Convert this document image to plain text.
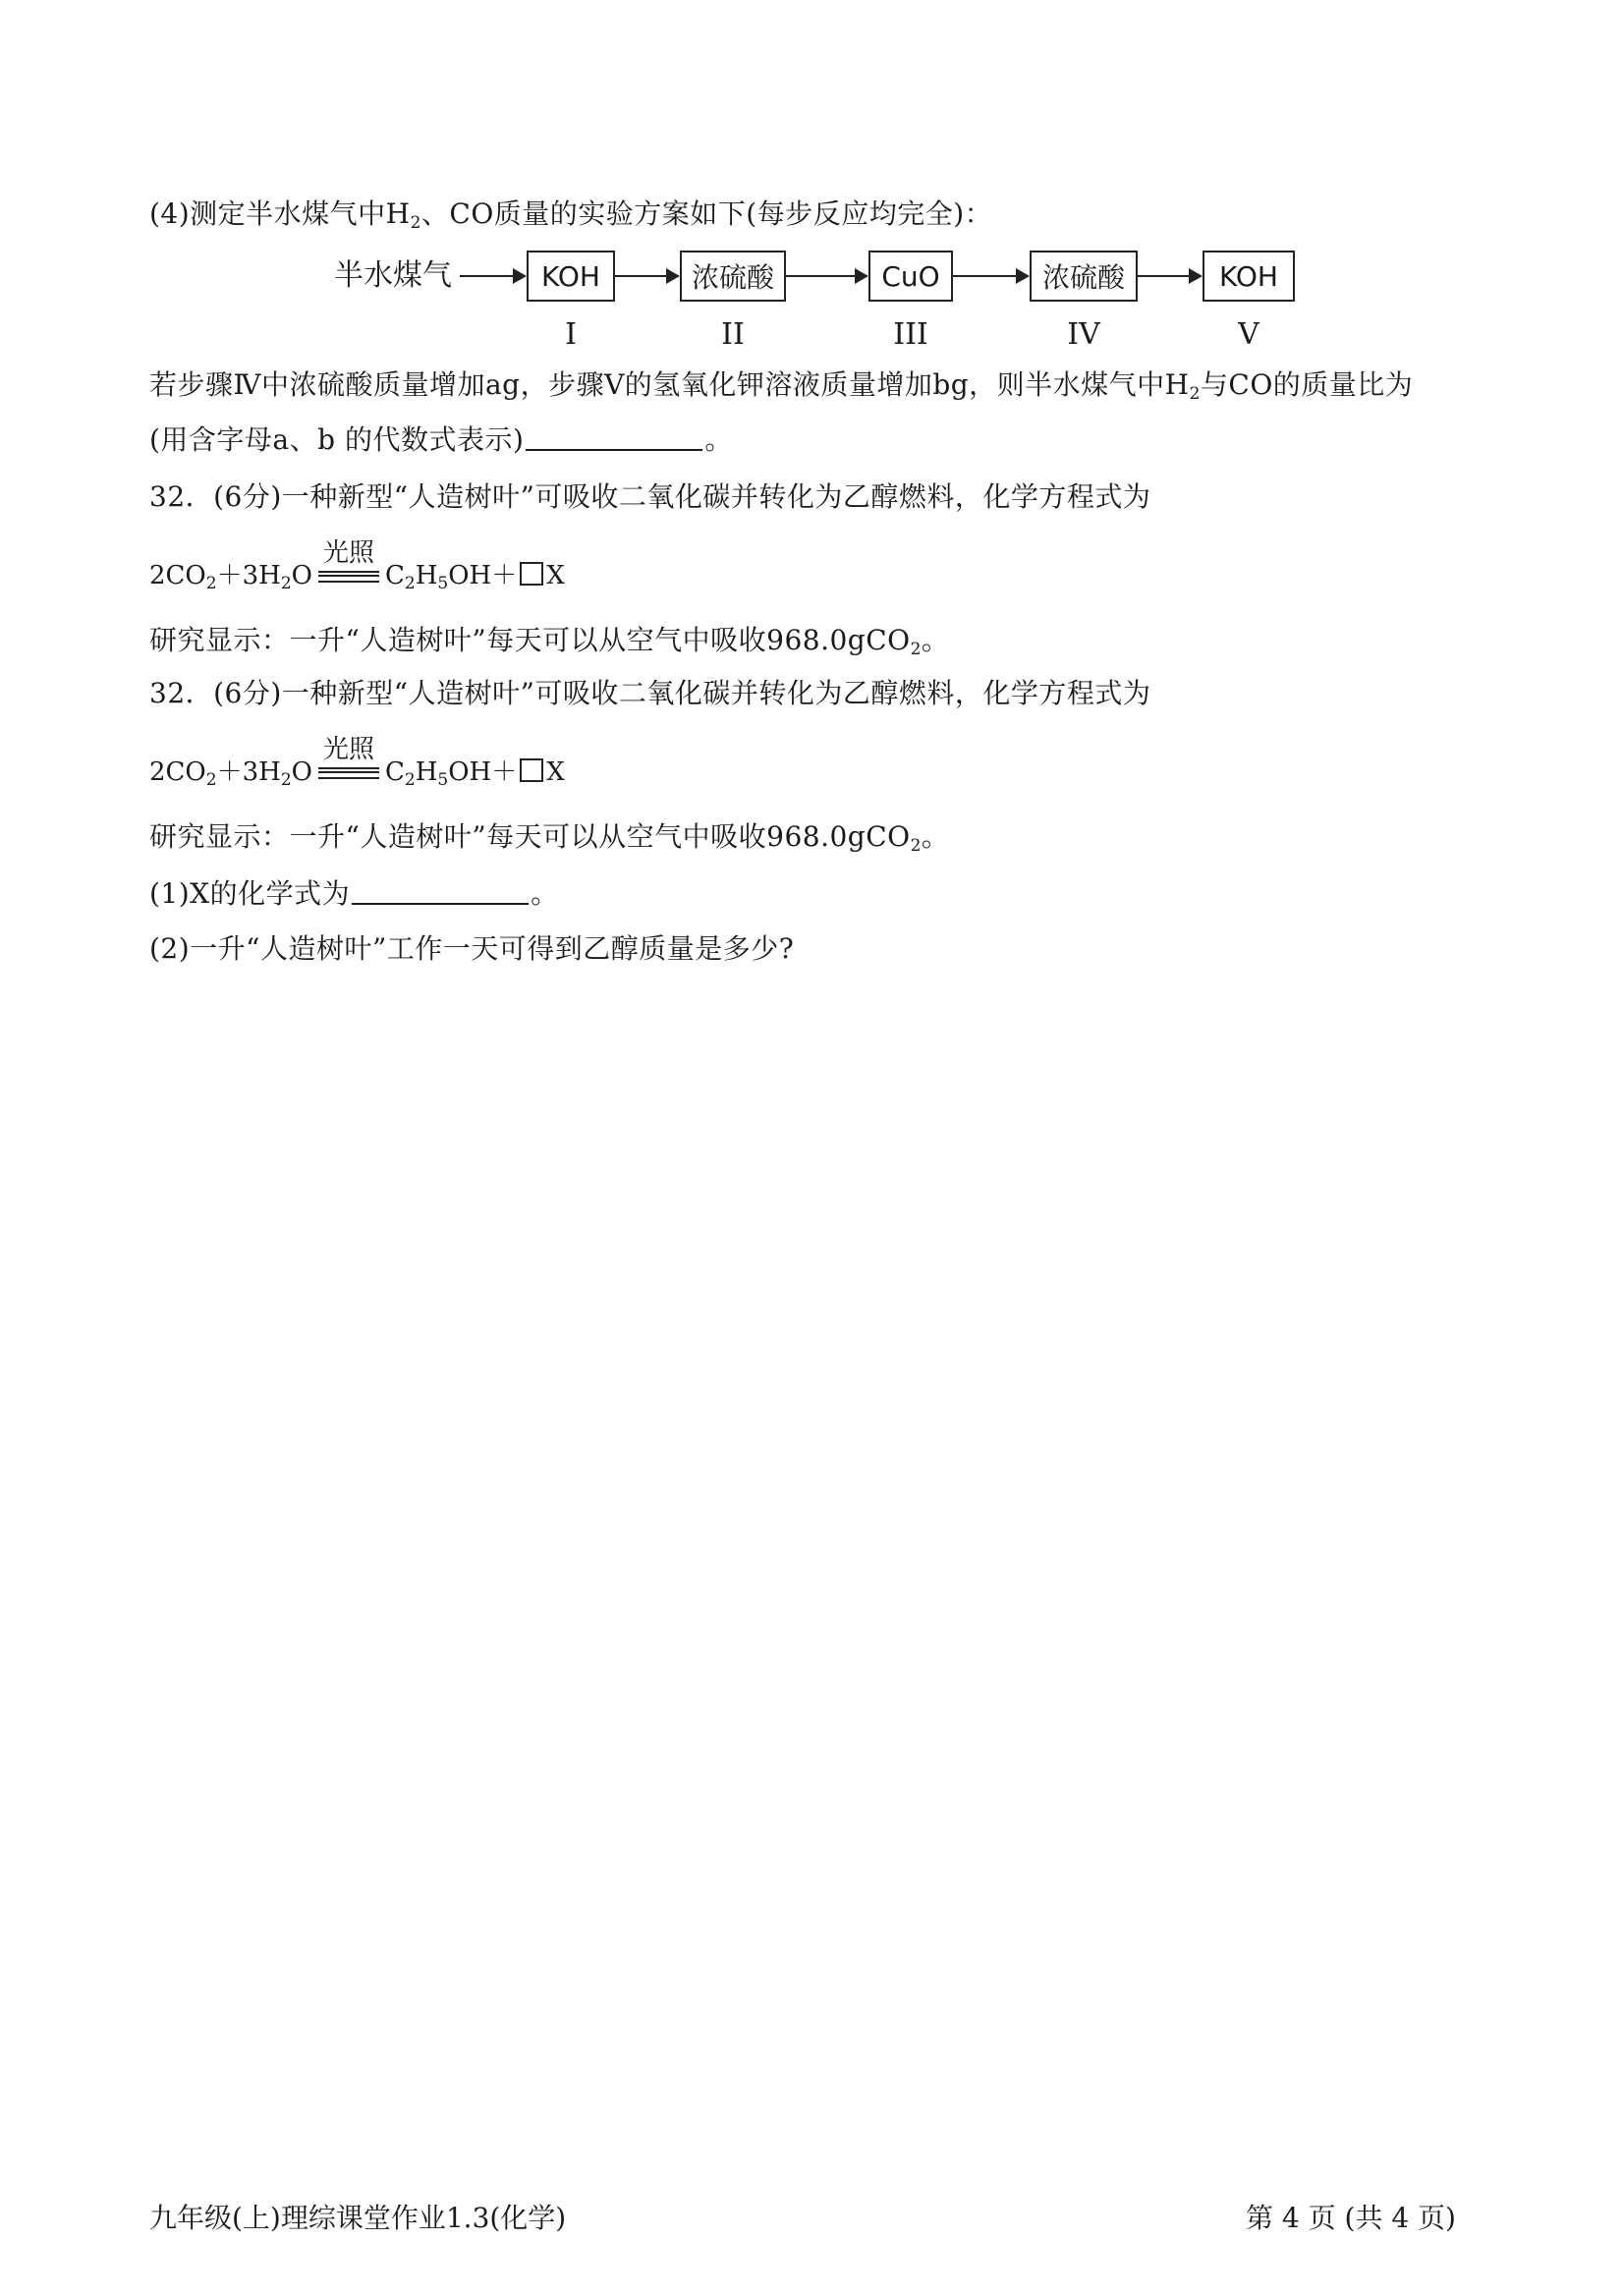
(4)测定半水煤气中$H_2$、CO质量的实验方案如下(每步反应均完全)：
半水煤气	KOH	浓硫酸	CuO	浓硫酸	KOH
I	II	III	IV	V
若步骤Ⅳ中浓硫酸质量增加ag，步骤Ⅴ的氢氧化钾溶液质量增加bg，则半水煤气中$H_2$与CO的质量比为
(用含字母a、b 的代数式表示)	。
32．(6分)一种新型“人造树叶”可吸收二氧化碳并转化为乙醇燃料，化学方程式为
$2CO_2+3H_2O$
光照
$C_2H_5OH+ X$
研究显示：一升“人造树叶”每天可以从空气中吸收968.0gCO$_2$。
32．(6分)一种新型“人造树叶”可吸收二氧化碳并转化为乙醇燃料，化学方程式为
$2CO_2+3H_2O$
光照
$C_2H_5OH+ X$
研究显示：一升“人造树叶”每天可以从空气中吸收968.0gCO$_2$。
(1)X的化学式为	。
(2)一升“人造树叶”工作一天可得到乙醇质量是多少?
九年级(上)理综课堂作业1.3(化学)	第 4 页 (共 4 页)
